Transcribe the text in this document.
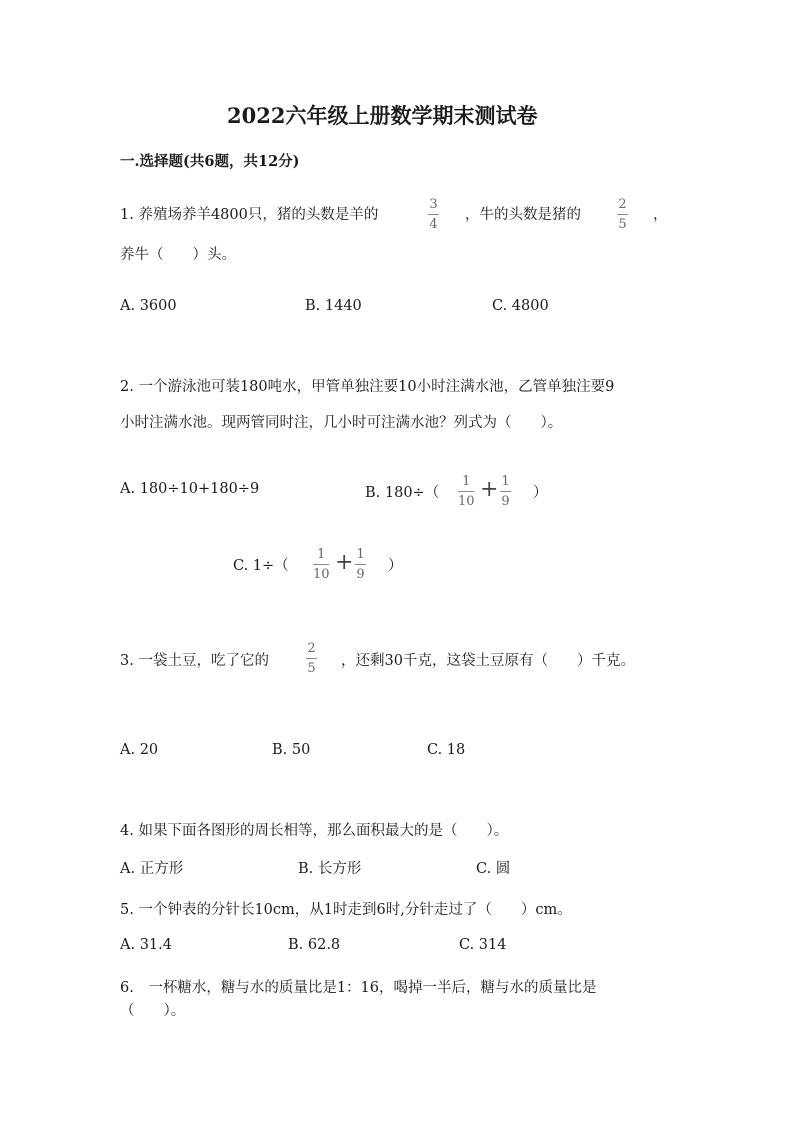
2022六年级上册数学期末测试卷
一.选择题(共6题，共12分)
1. 养殖场养羊4800只，猪的头数是羊的
3
4
，牛的头数是猪的
2
5
，
养牛（　　）头。
A. 3600	B. 1440	C. 4800
2. 一个游泳池可装180吨水，甲管单独注要10小时注满水池，乙管单独注要9
小时注满水池。现两管同时注，几小时可注满水池？列式为（　　）。
A. 180÷10+180÷9	B. 180÷（
1
10 + 1
9
）
C. 1÷（
1
10 + 1
9
）
3. 一袋土豆，吃了它的
2
5 ，还剩30千克，这袋土豆原有（　　）千克。
A. 20	B. 50	C. 18
4. 如果下面各图形的周长相等，那么面积最大的是（　　）。
A. 正方形	B. 长方形	C. 圆
5. 一个钟表的分针长10cm，从1时走到6时,分针走过了（　　）cm。
A. 31.4	B. 62.8	C. 314
6.　一杯糖水，糖与水的质量比是1：16，喝掉一半后，糖与水的质量比是
（　　）。
